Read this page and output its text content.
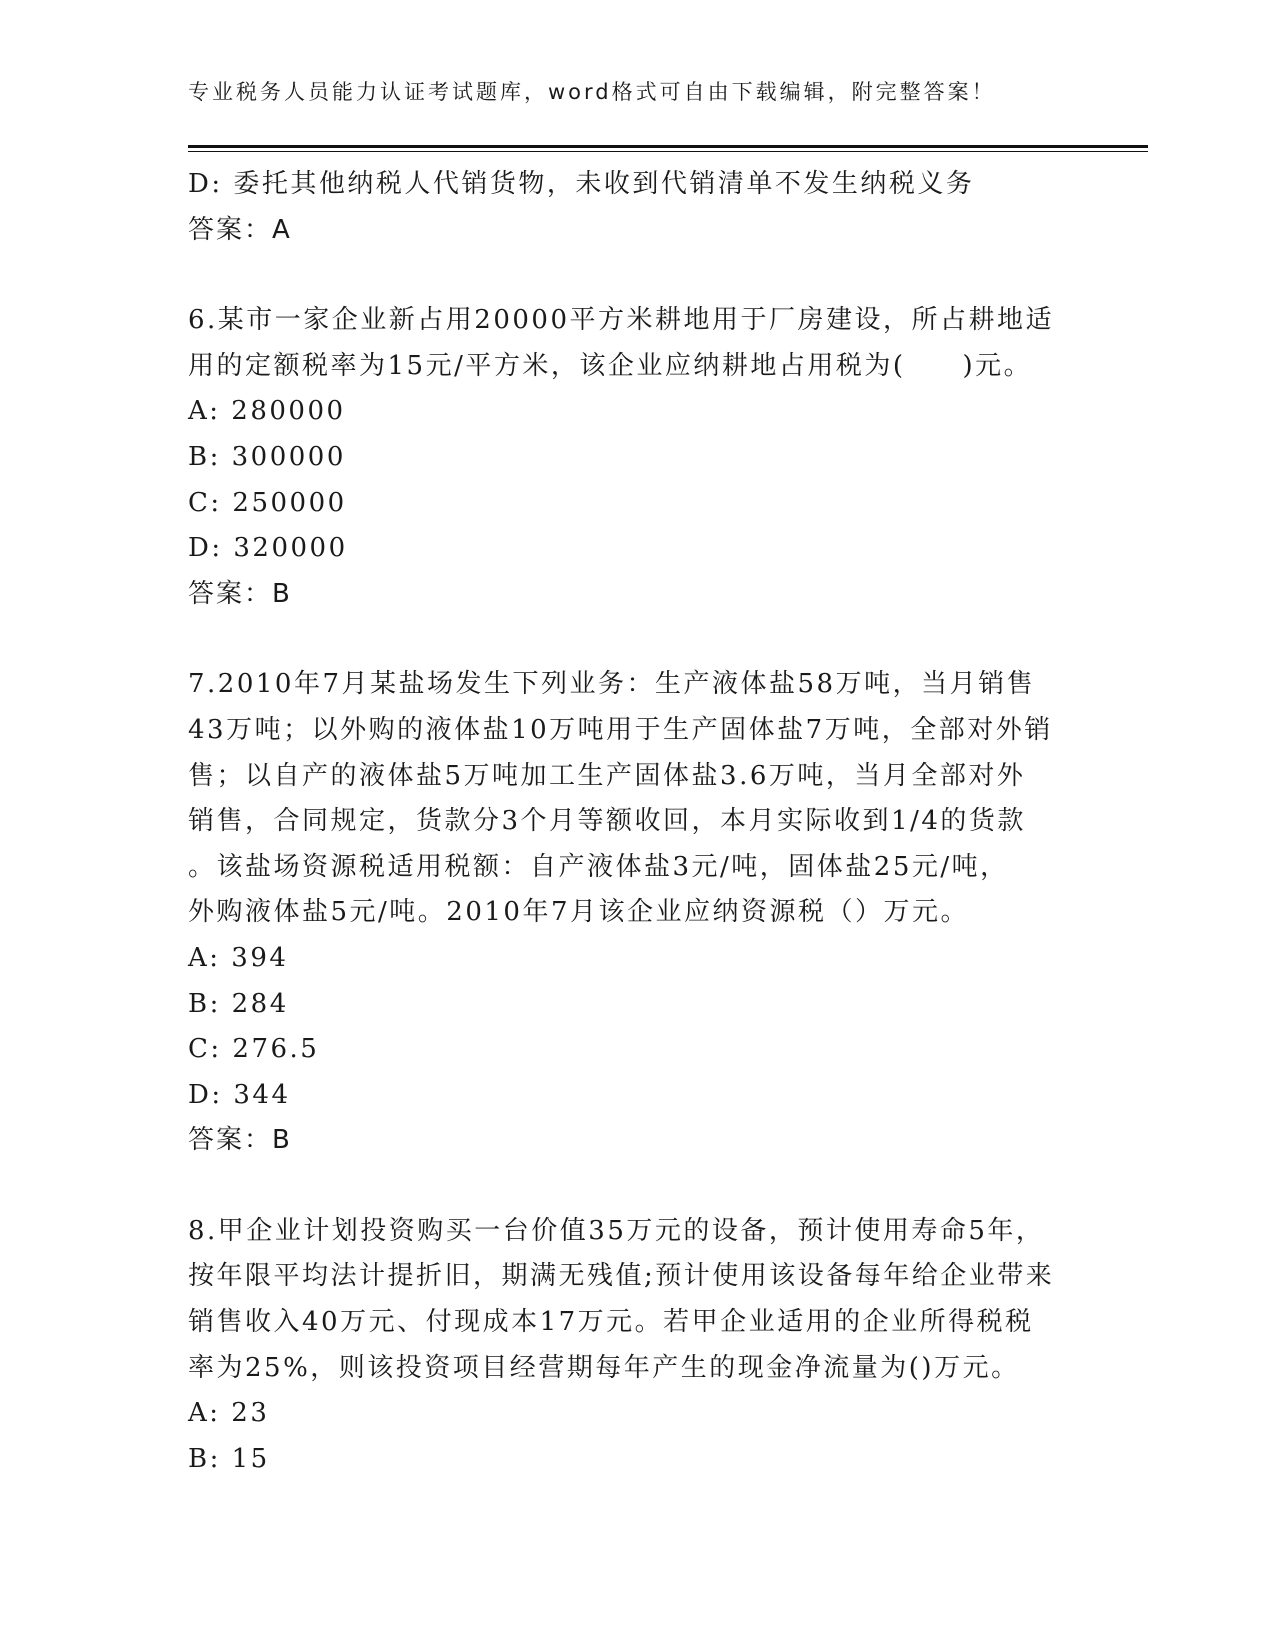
专业税务人员能力认证考试题库，word格式可自由下载编辑，附完整答案！
D: 委托其他纳税人代销货物，未收到代销清单不发生纳税义务
答案：A
6.某市一家企业新占用20000平方米耕地用于厂房建设，所占耕地适
用的定额税率为15元/平方米，该企业应纳耕地占用税为(　　)元。
A: 280000
B: 300000
C: 250000
D: 320000
答案：B
7.2010年7月某盐场发生下列业务：生产液体盐58万吨，当月销售
43万吨；以外购的液体盐10万吨用于生产固体盐7万吨，全部对外销
售；以自产的液体盐5万吨加工生产固体盐3.6万吨，当月全部对外
销售，合同规定，货款分3个月等额收回，本月实际收到1/4的货款
。该盐场资源税适用税额：自产液体盐3元/吨，固体盐25元/吨，
外购液体盐5元/吨。2010年7月该企业应纳资源税（）万元。
A: 394
B: 284
C: 276.5
D: 344
答案：B
8.甲企业计划投资购买一台价值35万元的设备，预计使用寿命5年，
按年限平均法计提折旧，期满无残值;预计使用该设备每年给企业带来
销售收入40万元、付现成本17万元。若甲企业适用的企业所得税税
率为25%，则该投资项目经营期每年产生的现金净流量为()万元。
A: 23
B: 15
